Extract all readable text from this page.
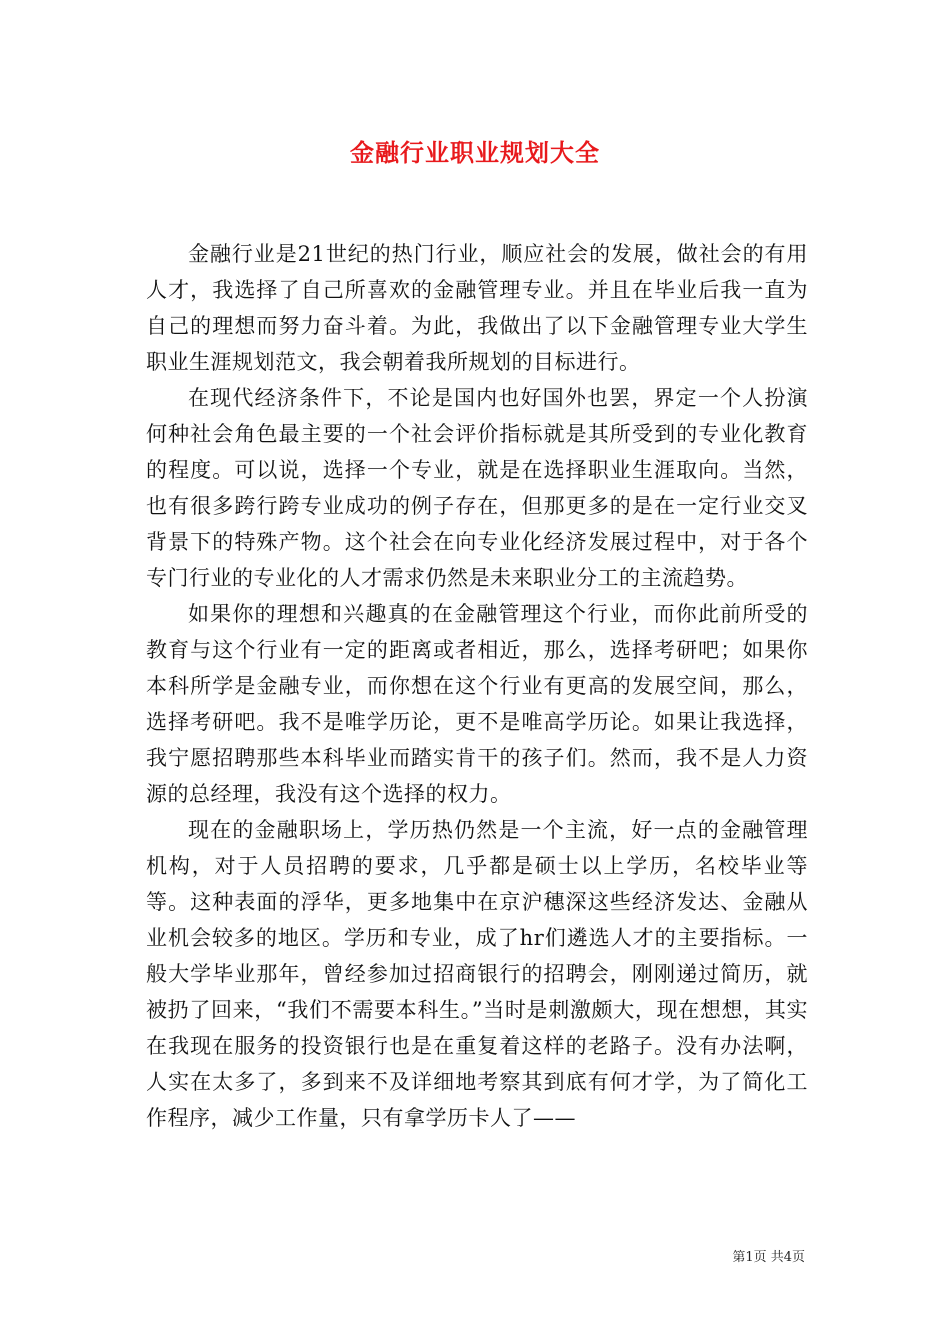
金融行业职业规划大全

金融行业是21世纪的热门行业，顺应社会的发展，做社会的有用人才，我选择了自己所喜欢的金融管理专业。并且在毕业后我一直为自己的理想而努力奋斗着。为此，我做出了以下金融管理专业大学生职业生涯规划范文，我会朝着我所规划的目标进行。

在现代经济条件下，不论是国内也好国外也罢，界定一个人扮演何种社会角色最主要的一个社会评价指标就是其所受到的专业化教育的程度。可以说，选择一个专业，就是在选择职业生涯取向。当然，也有很多跨行跨专业成功的例子存在，但那更多的是在一定行业交叉背景下的特殊产物。这个社会在向专业化经济发展过程中，对于各个专门行业的专业化的人才需求仍然是未来职业分工的主流趋势。

如果你的理想和兴趣真的在金融管理这个行业，而你此前所受的教育与这个行业有一定的距离或者相近，那么，选择考研吧；如果你本科所学是金融专业，而你想在这个行业有更高的发展空间，那么，选择考研吧。我不是唯学历论，更不是唯高学历论。如果让我选择，我宁愿招聘那些本科毕业而踏实肯干的孩子们。然而，我不是人力资源的总经理，我没有这个选择的权力。

现在的金融职场上，学历热仍然是一个主流，好一点的金融管理机构，对于人员招聘的要求，几乎都是硕士以上学历，名校毕业等等。这种表面的浮华，更多地集中在京沪穗深这些经济发达、金融从业机会较多的地区。学历和专业，成了hr们遴选人才的主要指标。一般大学毕业那年，曾经参加过招商银行的招聘会，刚刚递过简历，就被扔了回来，“我们不需要本科生。”当时是刺激颇大，现在想想，其实在我现在服务的投资银行也是在重复着这样的老路子。没有办法啊，人实在太多了，多到来不及详细地考察其到底有何才学，为了简化工作程序，减少工作量，只有拿学历卡人了——

第1页 共4页
